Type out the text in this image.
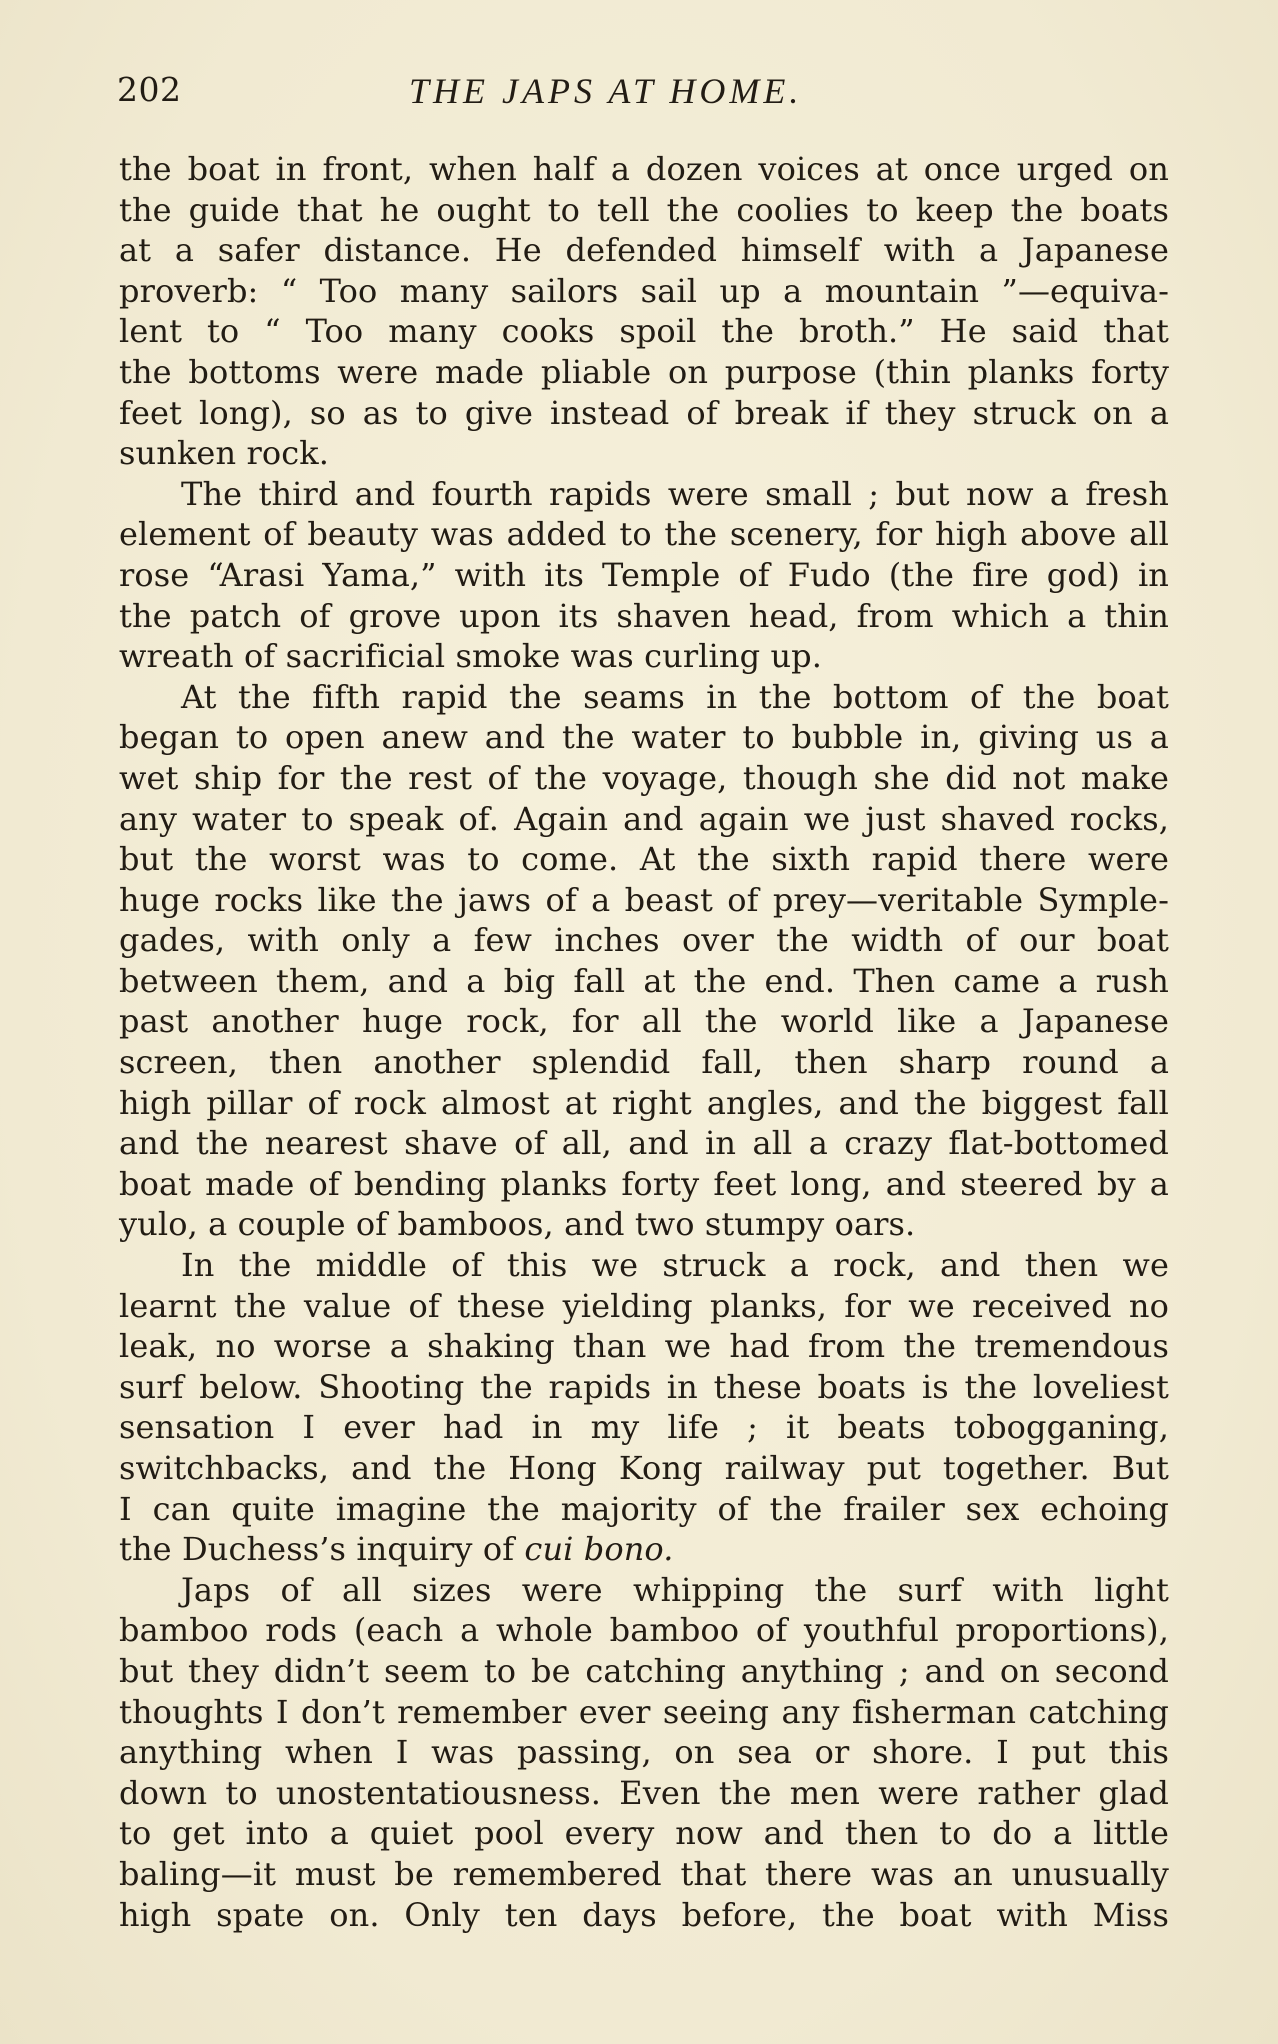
202	THE JAPS AT HOME.
the boat in front, when half a dozen voices at once urged on
the guide that he ought to tell the coolies to keep the boats
at a safer distance. He defended himself with a Japanese
proverb: “ Too many sailors sail up a mountain ”—equiva-
lent to “ Too many cooks spoil the broth.” He said that
the bottoms were made pliable on purpose (thin planks forty
feet long), so as to give instead of break if they struck on a
sunken rock.
The third and fourth rapids were small ; but now a fresh
element of beauty was added to the scenery, for high above all
rose “Arasi Yama,” with its Temple of Fudo (the fire god) in
the patch of grove upon its shaven head, from which a thin
wreath of sacrificial smoke was curling up.
At the fifth rapid the seams in the bottom of the boat
began to open anew and the water to bubble in, giving us a
wet ship for the rest of the voyage, though she did not make
any water to speak of. Again and again we just shaved rocks,
but the worst was to come. At the sixth rapid there were
huge rocks like the jaws of a beast of prey—veritable Symple-
gades, with only a few inches over the width of our boat
between them, and a big fall at the end. Then came a rush
past another huge rock, for all the world like a Japanese
screen, then another splendid fall, then sharp round a
high pillar of rock almost at right angles, and the biggest fall
and the nearest shave of all, and in all a crazy flat-bottomed
boat made of bending planks forty feet long, and steered by a
yulo, a couple of bamboos, and two stumpy oars.
In the middle of this we struck a rock, and then we
learnt the value of these yielding planks, for we received no
leak, no worse a shaking than we had from the tremendous
surf below. Shooting the rapids in these boats is the loveliest
sensation I ever had in my life ; it beats tobogganing,
switchbacks, and the Hong Kong railway put together. But
I can quite imagine the majority of the frailer sex echoing
the Duchess’s inquiry of cui bono.
Japs of all sizes were whipping the surf with light
bamboo rods (each a whole bamboo of youthful proportions),
but they didn’t seem to be catching anything ; and on second
thoughts I don’t remember ever seeing any fisherman catching
anything when I was passing, on sea or shore. I put this
down to unostentatiousness. Even the men were rather glad
to get into a quiet pool every now and then to do a little
baling—it must be remembered that there was an unusually
high spate on. Only ten days before, the boat with Miss
